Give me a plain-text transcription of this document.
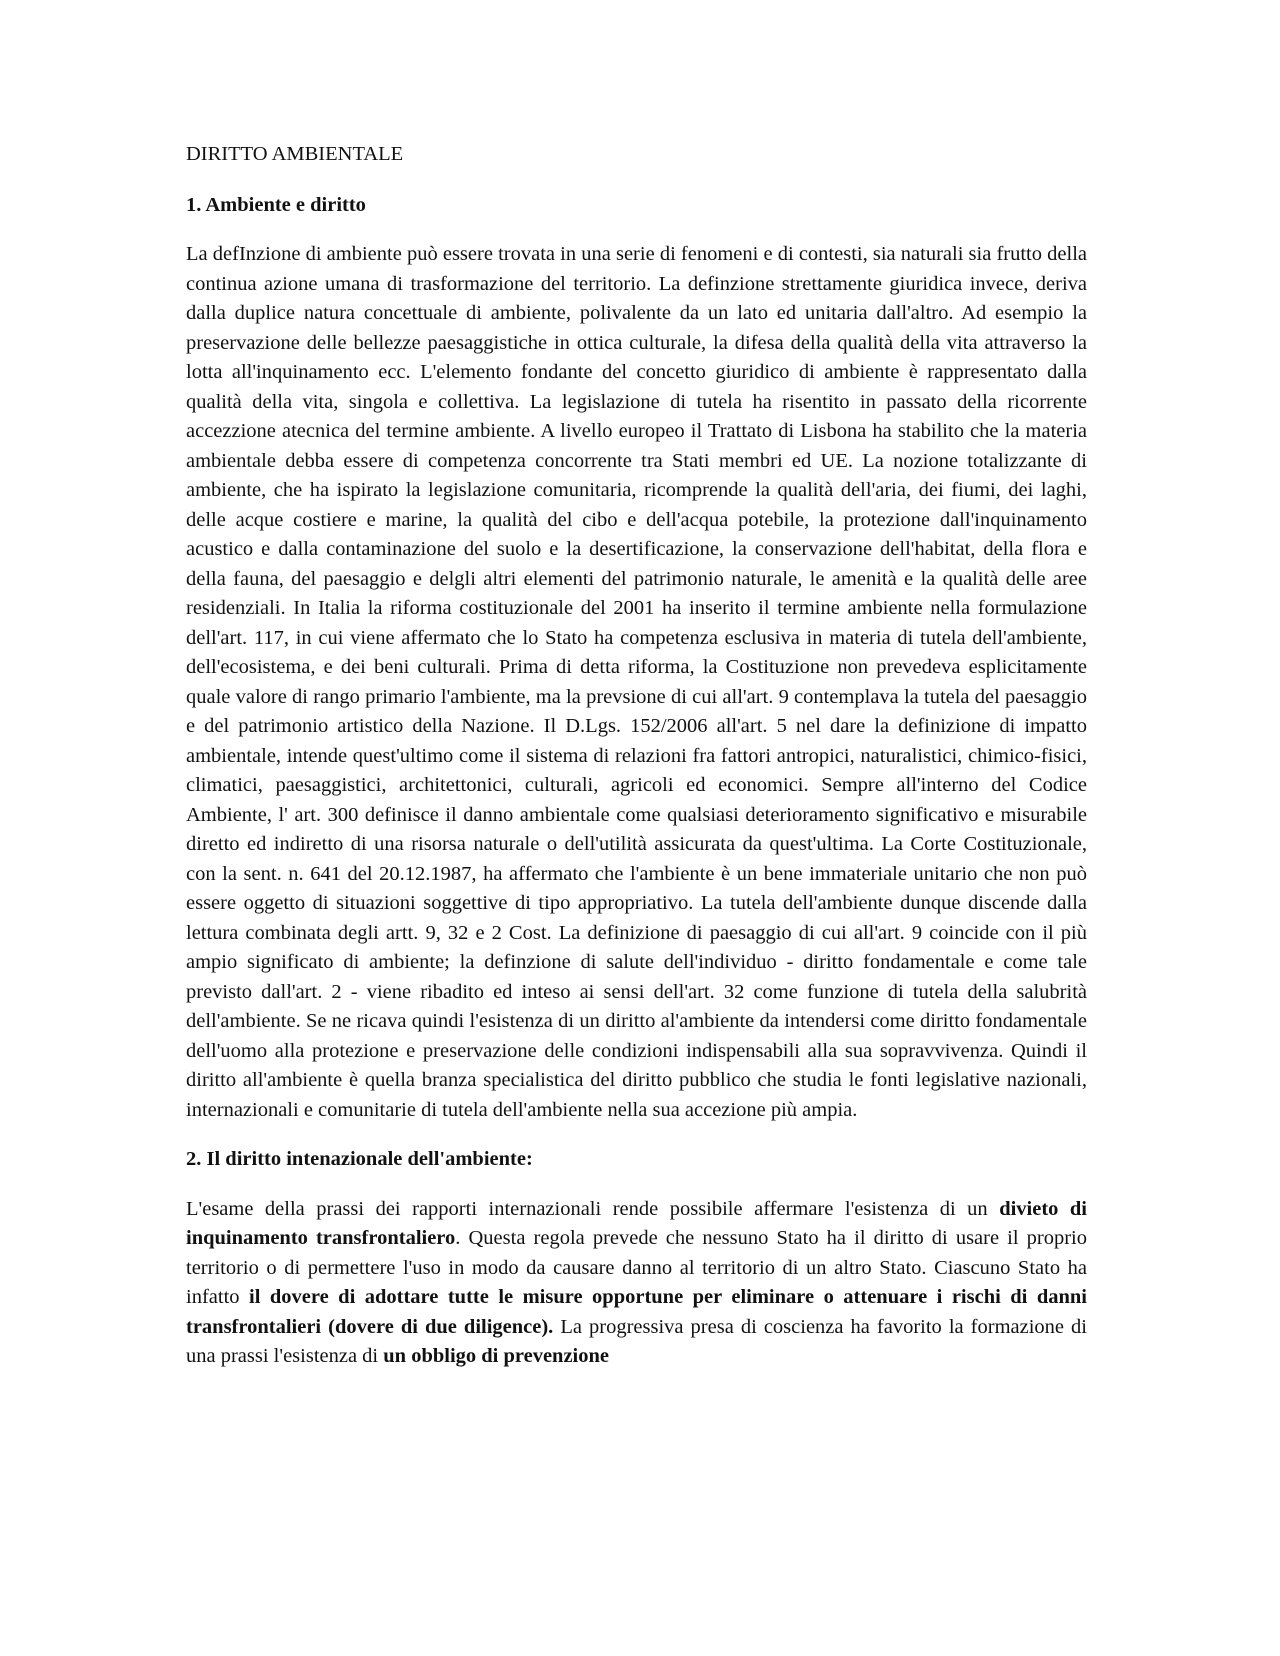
DIRITTO AMBIENTALE
1. Ambiente e diritto

La defInzione di ambiente può essere trovata in una serie di fenomeni e di contesti, sia naturali sia frutto della continua azione umana di trasformazione del territorio. La definzione strettamente giuridica invece, deriva dalla duplice natura concettuale di ambiente, polivalente da un lato ed unitaria dall'altro. Ad esempio la preservazione delle bellezze paesaggistiche in ottica culturale, la difesa della qualità della vita attraverso la lotta all'inquinamento ecc. L'elemento fondante del concetto giuridico di ambiente è rappresentato dalla qualità della vita, singola e collettiva. La legislazione di tutela ha risentito in passato della ricorrente accezzione atecnica del termine ambiente. A livello europeo il Trattato di Lisbona ha stabilito che la materia ambientale debba essere di competenza concorrente tra Stati membri ed UE. La nozione totalizzante di ambiente, che ha ispirato la legislazione comunitaria, ricomprende la qualità dell'aria, dei fiumi, dei laghi, delle acque costiere e marine, la qualità del cibo e dell'acqua potebile, la protezione dall'inquinamento acustico e dalla contaminazione del suolo e la desertificazione, la conservazione dell'habitat, della flora e della fauna, del paesaggio e delgli altri elementi del patrimonio naturale, le amenità e la qualità delle aree residenziali. In Italia la riforma costituzionale del 2001 ha inserito il termine ambiente nella formulazione dell'art. 117, in cui viene affermato che lo Stato ha competenza esclusiva in materia di tutela dell'ambiente, dell'ecosistema, e dei beni culturali. Prima di detta riforma, la Costituzione non prevedeva esplicitamente quale valore di rango primario l'ambiente, ma la prevsione di cui all'art. 9 contemplava la tutela del paesaggio e del patrimonio artistico della Nazione. Il D.Lgs. 152/2006 all'art. 5 nel dare la definizione di impatto ambientale, intende quest'ultimo come il sistema di relazioni fra fattori antropici, naturalistici, chimico-fisici, climatici, paesaggistici, architettonici, culturali, agricoli ed economici. Sempre all'interno del Codice Ambiente, l' art. 300 definisce il danno ambientale come qualsiasi deterioramento significativo e misurabile diretto ed indiretto di una risorsa naturale o dell'utilità assicurata da quest'ultima. La Corte Costituzionale, con la sent. n. 641 del 20.12.1987, ha affermato che l'ambiente è un bene immateriale unitario che non può essere oggetto di situazioni soggettive di tipo appropriativo. La tutela dell'ambiente dunque discende dalla lettura combinata degli artt. 9, 32 e 2 Cost. La definizione di paesaggio di cui all'art. 9 coincide con il più ampio significato di ambiente; la definzione di salute dell'individuo - diritto fondamentale e come tale previsto dall'art. 2 - viene ribadito ed inteso ai sensi dell'art. 32 come funzione di tutela della salubrità dell'ambiente. Se ne ricava quindi l'esistenza di un diritto al'ambiente da intendersi come diritto fondamentale dell'uomo alla protezione e preservazione delle condizioni indispensabili alla sua sopravvivenza. Quindi il diritto all'ambiente è quella branza specialistica del diritto pubblico che studia le fonti legislative nazionali, internazionali e comunitarie di tutela dell'ambiente nella sua accezione più ampia.

2. Il diritto intenazionale dell'ambiente:

L'esame della prassi dei rapporti internazionali rende possibile affermare l'esistenza di un divieto di inquinamento transfrontaliero. Questa regola prevede che nessuno Stato ha il diritto di usare il proprio territorio o di permettere l'uso in modo da causare danno al territorio di un altro Stato. Ciascuno Stato ha infatto il dovere di adottare tutte le misure opportune per eliminare o attenuare i rischi di danni transfrontalieri (dovere di due diligence). La progressiva presa di coscienza ha favorito la formazione di una prassi l'esistenza di un obbligo di prevenzione
